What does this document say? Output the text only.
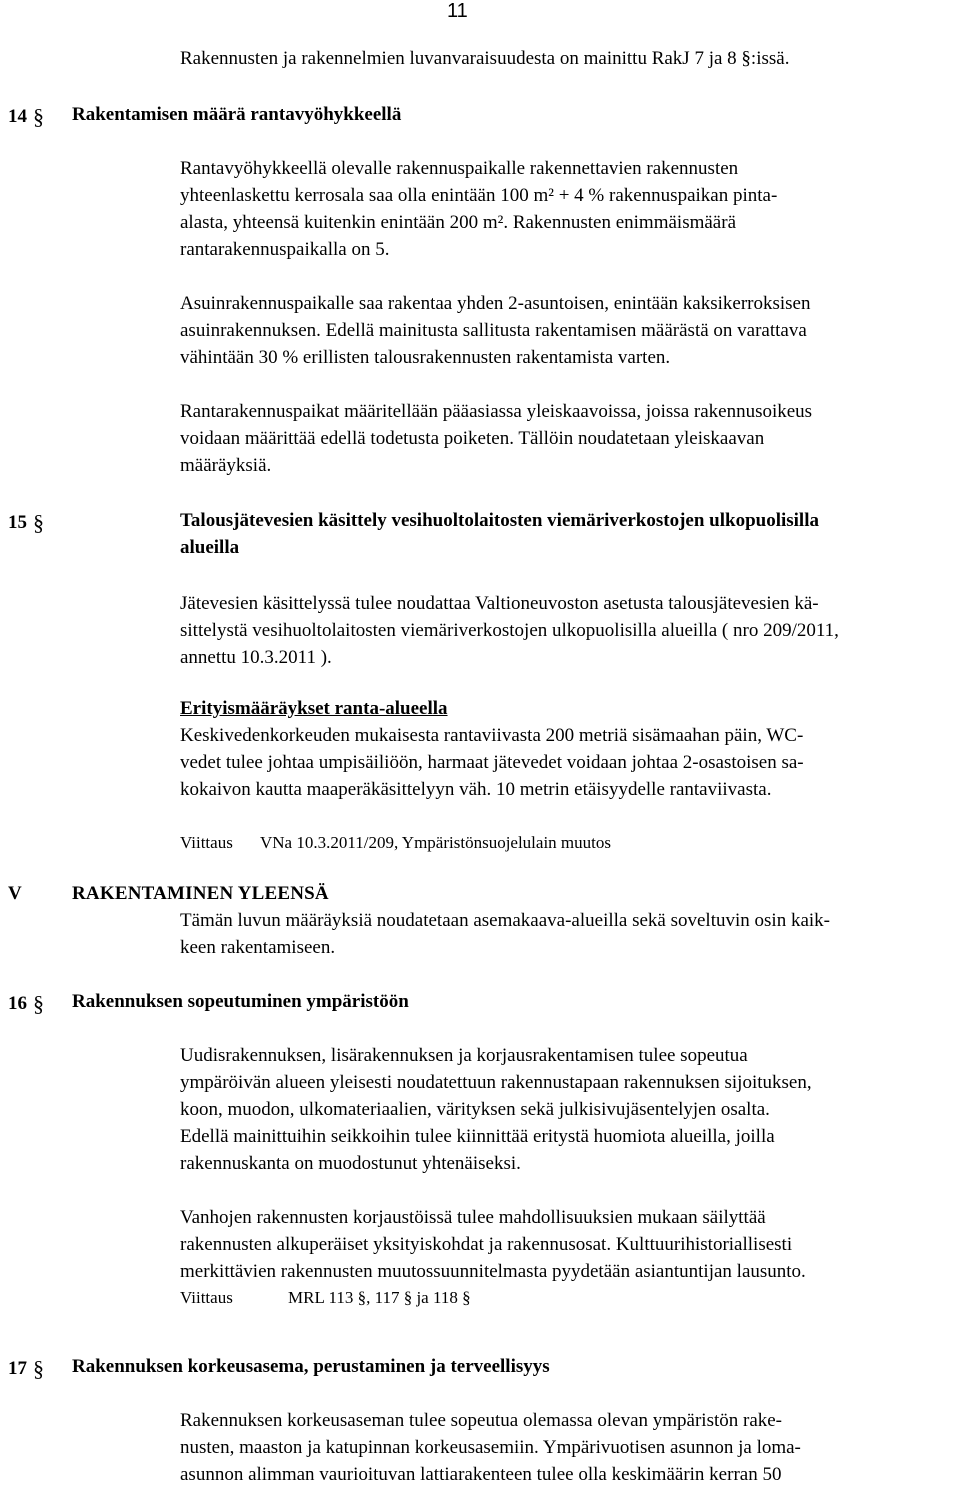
11
Rakennusten ja rakennelmien luvanvaraisuudesta on mainittu RakJ 7 ja 8 §:issä.
14 § Rakentamisen määrä rantavyöhykkeellä
Rantavyöhykkeellä olevalle rakennuspaikalle rakennettavien rakennusten
yhteenlaskettu kerrosala saa olla enintään 100 m² + 4 % rakennuspaikan pinta-
alasta, yhteensä kuitenkin enintään 200 m². Rakennusten enimmäismäärä
rantarakennuspaikalla on 5.
Asuinrakennuspaikalle saa rakentaa yhden 2-asuntoisen, enintään kaksikerroksisen
asuinrakennuksen. Edellä mainitusta sallitusta rakentamisen määrästä on varattava
vähintään 30 % erillisten talousrakennusten rakentamista varten.
Rantarakennuspaikat määritellään pääasiassa yleiskaavoissa, joissa rakennusoikeus
voidaan määrittää edellä todetusta poiketen. Tällöin noudatetaan yleiskaavan
määräyksiä.
15 §	Talousjätevesien käsittely vesihuoltolaitosten viemäriverkostojen ulkopuolisilla
alueilla
Jätevesien käsittelyssä tulee noudattaa Valtioneuvoston asetusta talousjätevesien kä-
sittelystä vesihuoltolaitosten viemäriverkostojen ulkopuolisilla alueilla ( nro 209/2011,
annettu 10.3.2011 ).
Erityismääräykset ranta-alueella
Keskivedenkorkeuden mukaisesta rantaviivasta 200 metriä sisämaahan päin, WC-
vedet tulee johtaa umpisäiliöön, harmaat jätevedet voidaan johtaa 2-osastoisen sa-
kokaivon kautta maaperäkäsittelyyn väh. 10 metrin etäisyydelle rantaviivasta.
Viittaus VNa 10.3.2011/209, Ympäristönsuojelulain muutos
V	RAKENTAMINEN YLEENSÄ
Tämän luvun määräyksiä noudatetaan asemakaava-alueilla sekä soveltuvin osin kaik-
keen rakentamiseen.
16 § Rakennuksen sopeutuminen ympäristöön
Uudisrakennuksen, lisärakennuksen ja korjausrakentamisen tulee sopeutua
ympäröivän alueen yleisesti noudatettuun rakennustapaan rakennuksen sijoituksen,
koon, muodon, ulkomateriaalien, värityksen sekä julkisivujäsentelyjen osalta.
Edellä mainittuihin seikkoihin tulee kiinnittää eritystä huomiota alueilla, joilla
rakennuskanta on muodostunut yhtenäiseksi.
Vanhojen rakennusten korjaustöissä tulee mahdollisuuksien mukaan säilyttää
rakennusten alkuperäiset yksityiskohdat ja rakennusosat. Kulttuurihistoriallisesti
merkittävien rakennusten muutossuunnitelmasta pyydetään asiantuntijan lausunto.
Viittaus	MRL 113 §, 117 § ja 118 §
17 § Rakennuksen korkeusasema, perustaminen ja terveellisyys
Rakennuksen korkeusaseman tulee sopeutua olemassa olevan ympäristön rake-
nusten, maaston ja katupinnan korkeusasemiin. Ympärivuotisen asunnon ja loma-
asunnon alimman vaurioituvan lattiarakenteen tulee olla keskimäärin kerran 50
